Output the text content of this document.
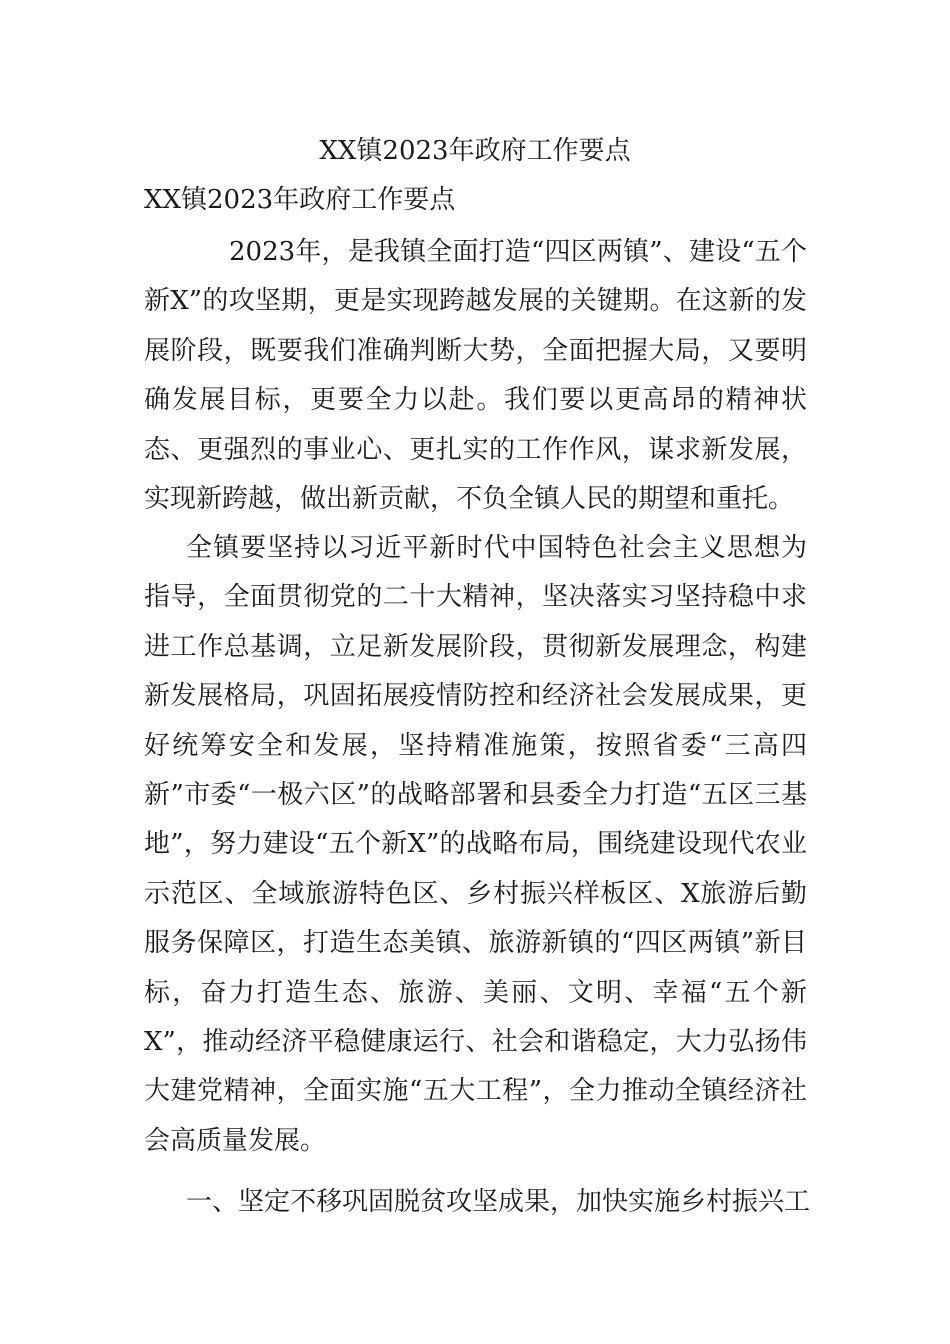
XX镇2023年政府工作要点
XX镇2023年政府工作要点

2023年，是我镇全面打造“四区两镇”、建设“五个新X”的攻坚期，更是实现跨越发展的关键期。在这新的发展阶段，既要我们准确判断大势，全面把握大局，又要明确发展目标，更要全力以赴。我们要以更高昂的精神状态、更强烈的事业心、更扎实的工作作风，谋求新发展，实现新跨越，做出新贡献，不负全镇人民的期望和重托。

全镇要坚持以习近平新时代中国特色社会主义思想为指导，全面贯彻党的二十大精神，坚决落实习坚持稳中求进工作总基调，立足新发展阶段，贯彻新发展理念，构建新发展格局，巩固拓展疫情防控和经济社会发展成果，更好统筹安全和发展，坚持精准施策，按照省委“三高四新”市委“一极六区”的战略部署和县委全力打造“五区三基地”，努力建设“五个新X”的战略布局，围绕建设现代农业示范区、全域旅游特色区、乡村振兴样板区、X旅游后勤服务保障区，打造生态美镇、旅游新镇的“四区两镇”新目标，奋力打造生态、旅游、美丽、文明、幸福“五个新X”，推动经济平稳健康运行、社会和谐稳定，大力弘扬伟大建党精神，全面实施“五大工程”，全力推动全镇经济社会高质量发展。

一、坚定不移巩固脱贫攻坚成果，加快实施乡村振兴工
